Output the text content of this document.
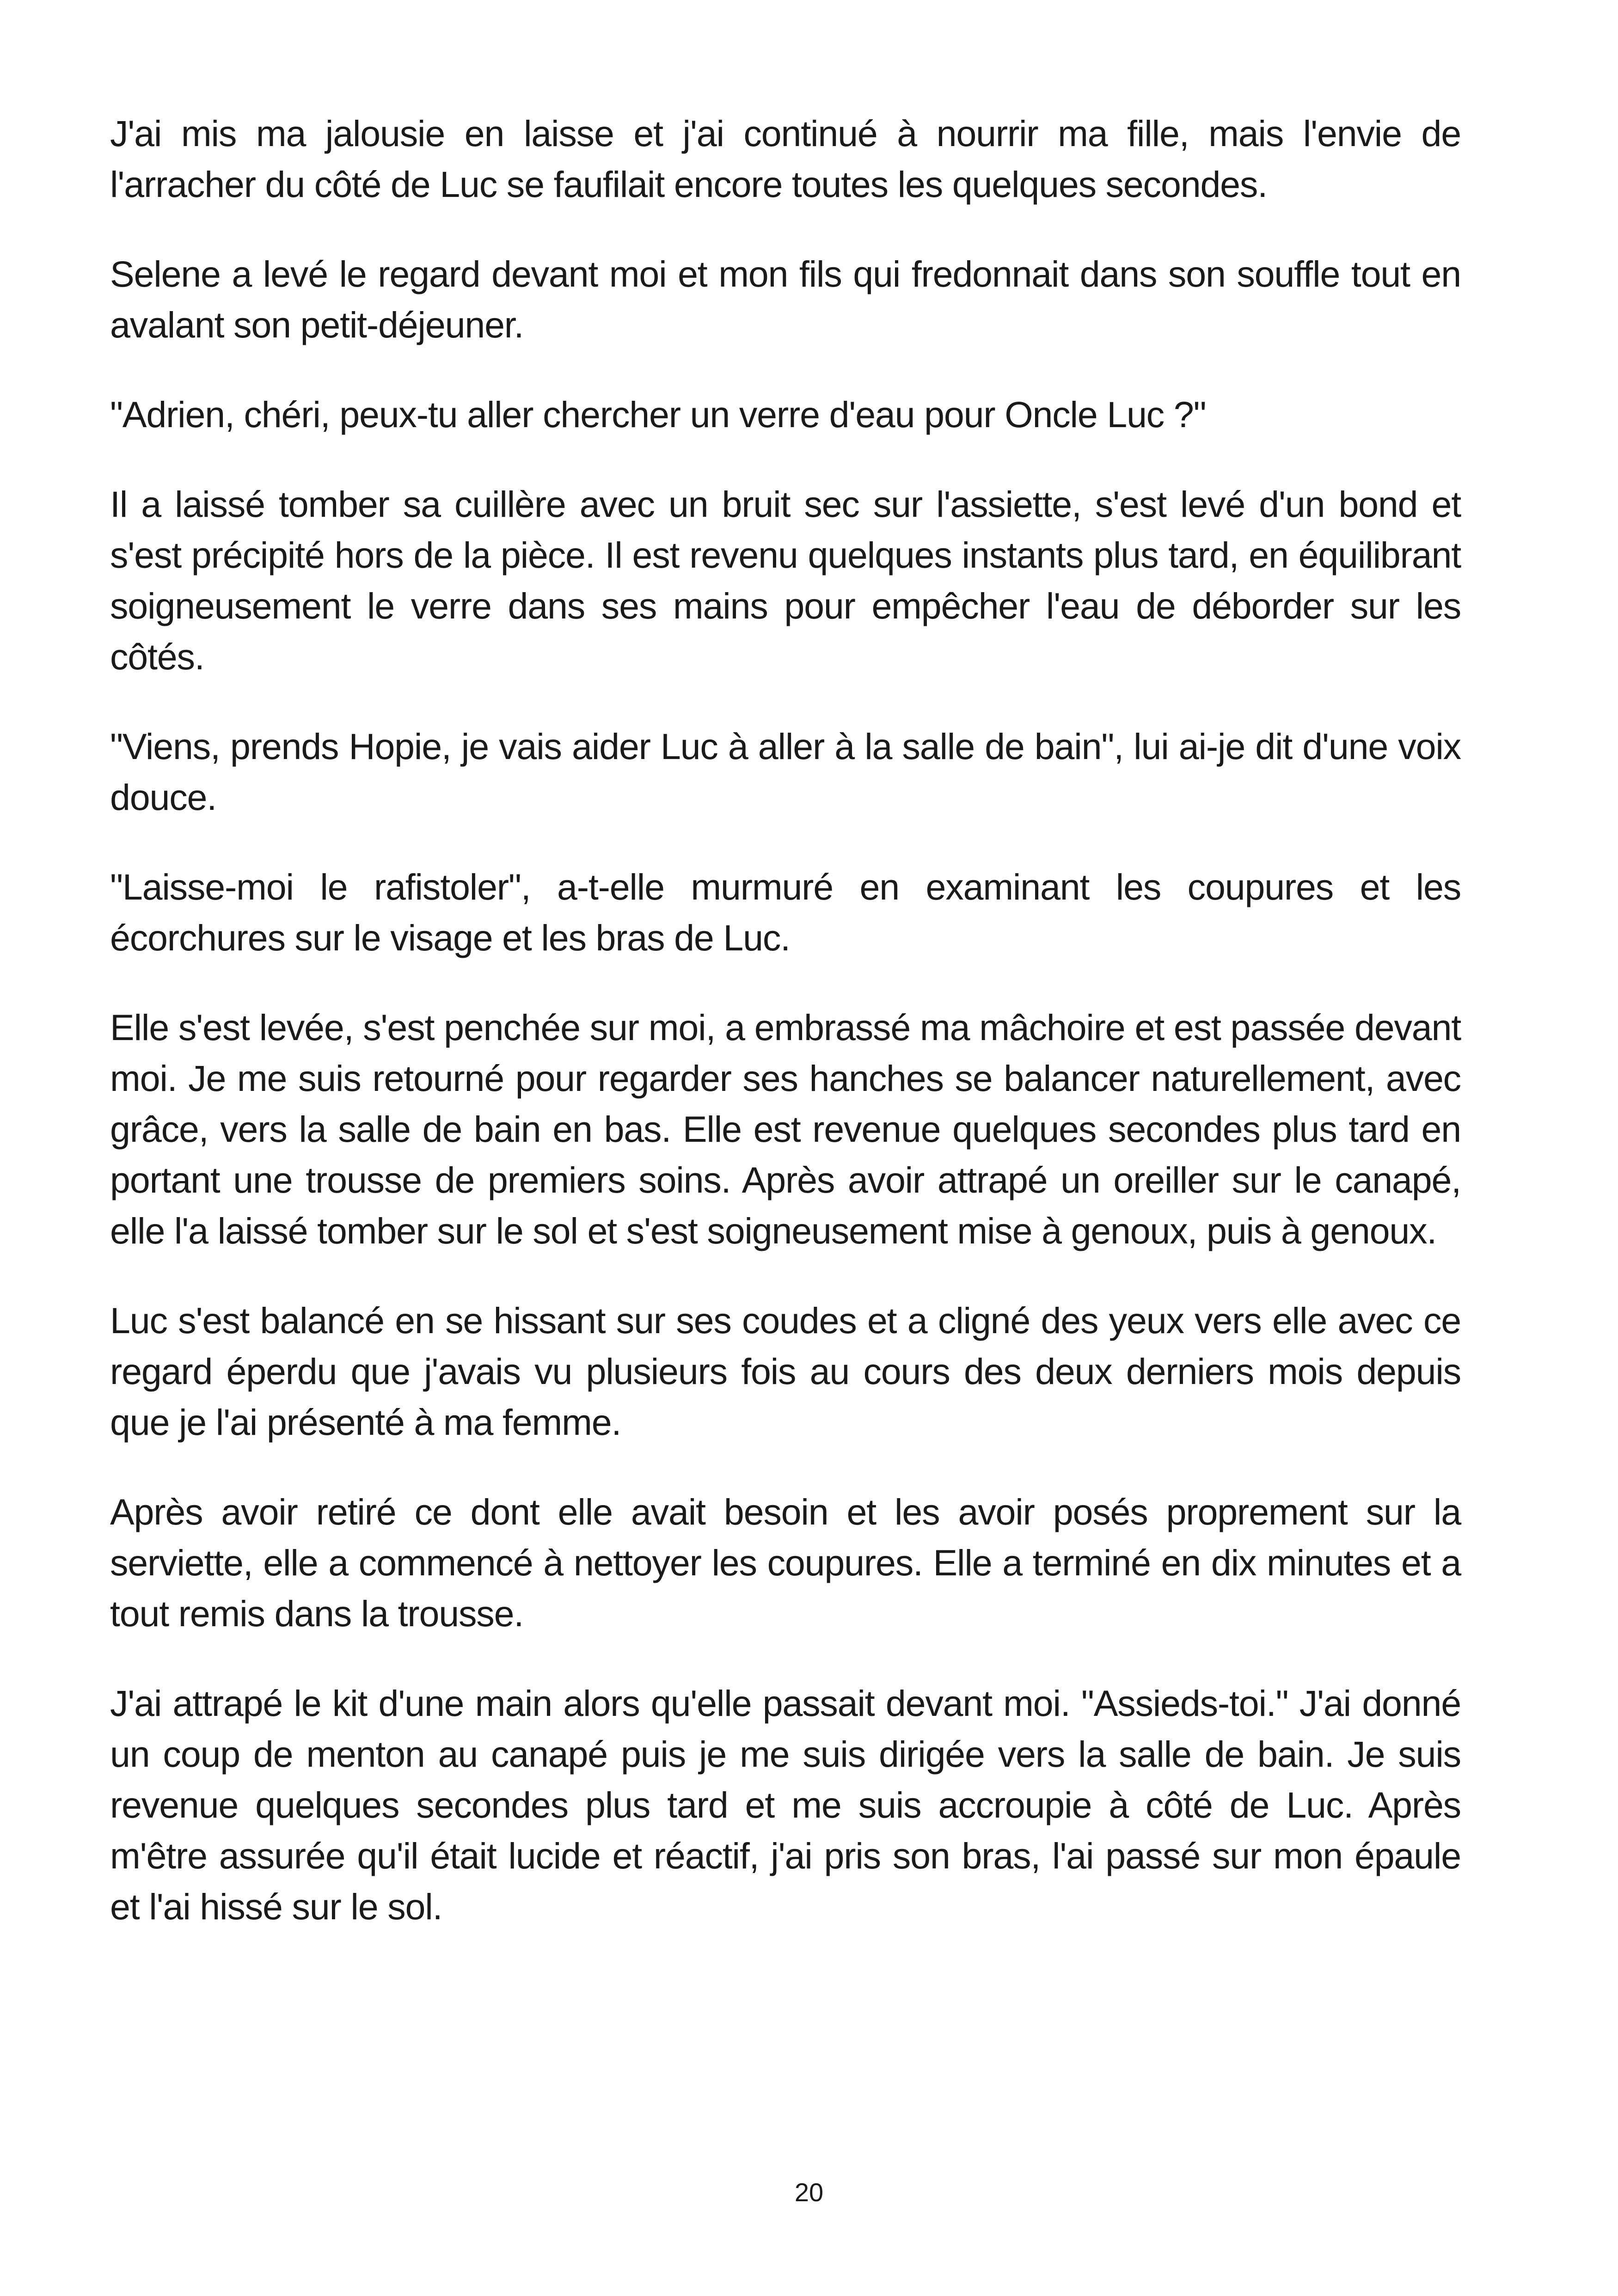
J'ai mis ma jalousie en laisse et j'ai continué à nourrir ma fille, mais l'envie de l'arracher du côté de Luc se faufilait encore toutes les quelques secondes.

Selene a levé le regard devant moi et mon fils qui fredonnait dans son souffle tout en avalant son petit-déjeuner.

"Adrien, chéri, peux-tu aller chercher un verre d'eau pour Oncle Luc ?"

Il a laissé tomber sa cuillère avec un bruit sec sur l'assiette, s'est levé d'un bond et s'est précipité hors de la pièce. Il est revenu quelques instants plus tard, en équilibrant soigneusement le verre dans ses mains pour empêcher l'eau de déborder sur les côtés.

"Viens, prends Hopie, je vais aider Luc à aller à la salle de bain", lui ai-je dit d'une voix douce.

"Laisse-moi le rafistoler", a-t-elle murmuré en examinant les coupures et les écorchures sur le visage et les bras de Luc.

Elle s'est levée, s'est penchée sur moi, a embrassé ma mâchoire et est passée devant moi. Je me suis retourné pour regarder ses hanches se balancer naturellement, avec grâce, vers la salle de bain en bas. Elle est revenue quelques secondes plus tard en portant une trousse de premiers soins. Après avoir attrapé un oreiller sur le canapé, elle l'a laissé tomber sur le sol et s'est soigneusement mise à genoux, puis à genoux.

Luc s'est balancé en se hissant sur ses coudes et a cligné des yeux vers elle avec ce regard éperdu que j'avais vu plusieurs fois au cours des deux derniers mois depuis que je l'ai présenté à ma femme.

Après avoir retiré ce dont elle avait besoin et les avoir posés proprement sur la serviette, elle a commencé à nettoyer les coupures. Elle a terminé en dix minutes et a tout remis dans la trousse.

J'ai attrapé le kit d'une main alors qu'elle passait devant moi. "Assieds-toi." J'ai donné un coup de menton au canapé puis je me suis dirigée vers la salle de bain. Je suis revenue quelques secondes plus tard et me suis accroupie à côté de Luc. Après m'être assurée qu'il était lucide et réactif, j'ai pris son bras, l'ai passé sur mon épaule et l'ai hissé sur le sol.

20
